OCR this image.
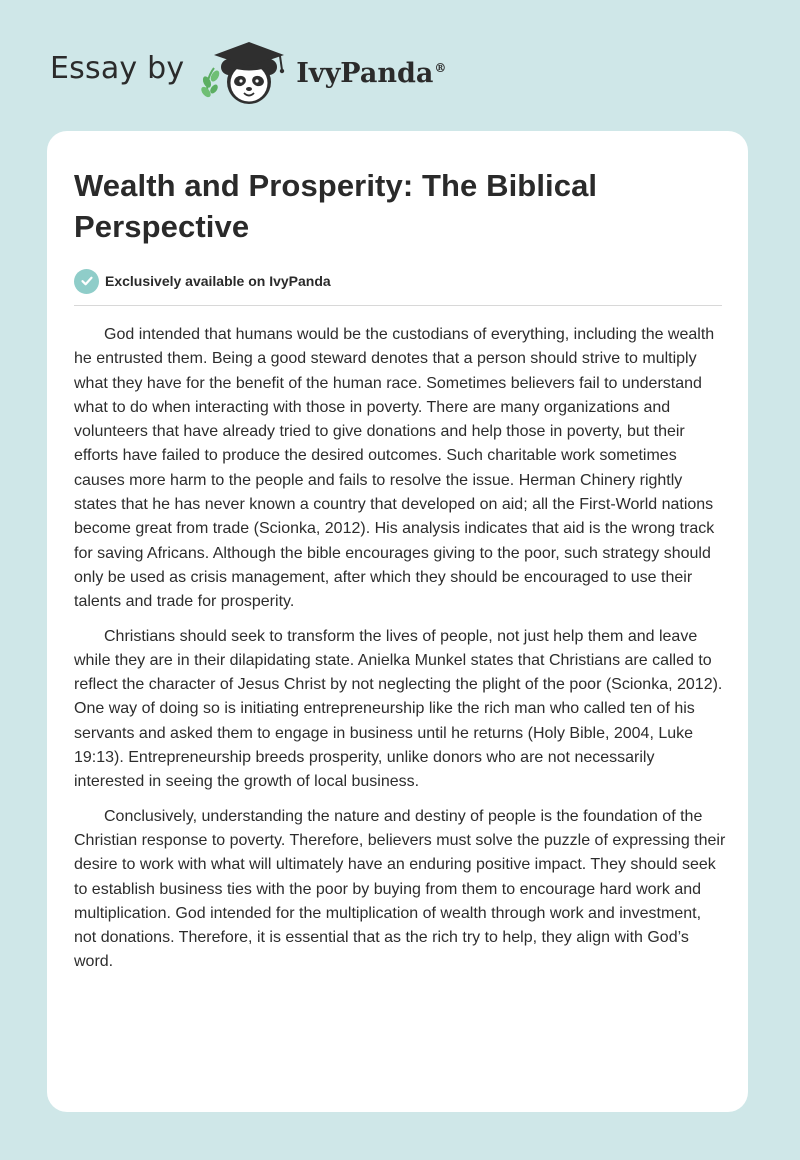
Essay by	IvyPanda®
Wealth and Prosperity: The Biblical Perspective
Exclusively available on IvyPanda

God intended that humans would be the custodians of everything, including the wealth he entrusted them. Being a good steward denotes that a person should strive to multiply what they have for the benefit of the human race. Sometimes believers fail to understand what to do when interacting with those in poverty. There are many organizations and volunteers that have already tried to give donations and help those in poverty, but their efforts have failed to produce the desired outcomes. Such charitable work sometimes causes more harm to the people and fails to resolve the issue. Herman Chinery rightly states that he has never known a country that developed on aid; all the First-World nations become great from trade (Scionka, 2012). His analysis indicates that aid is the wrong track for saving Africans. Although the bible encourages giving to the poor, such strategy should only be used as crisis management, after which they should be encouraged to use their talents and trade for prosperity.

Christians should seek to transform the lives of people, not just help them and leave while they are in their dilapidating state. Anielka Munkel states that Christians are called to reflect the character of Jesus Christ by not neglecting the plight of the poor (Scionka, 2012). One way of doing so is initiating entrepreneurship like the rich man who called ten of his servants and asked them to engage in business until he returns (Holy Bible, 2004, Luke 19:13). Entrepreneurship breeds prosperity, unlike donors who are not necessarily interested in seeing the growth of local business.

Conclusively, understanding the nature and destiny of people is the foundation of the Christian response to poverty. Therefore, believers must solve the puzzle of expressing their desire to work with what will ultimately have an enduring positive impact. They should seek to establish business ties with the poor by buying from them to encourage hard work and multiplication. God intended for the multiplication of wealth through work and investment, not donations. Therefore, it is essential that as the rich try to help, they align with God’s word.
